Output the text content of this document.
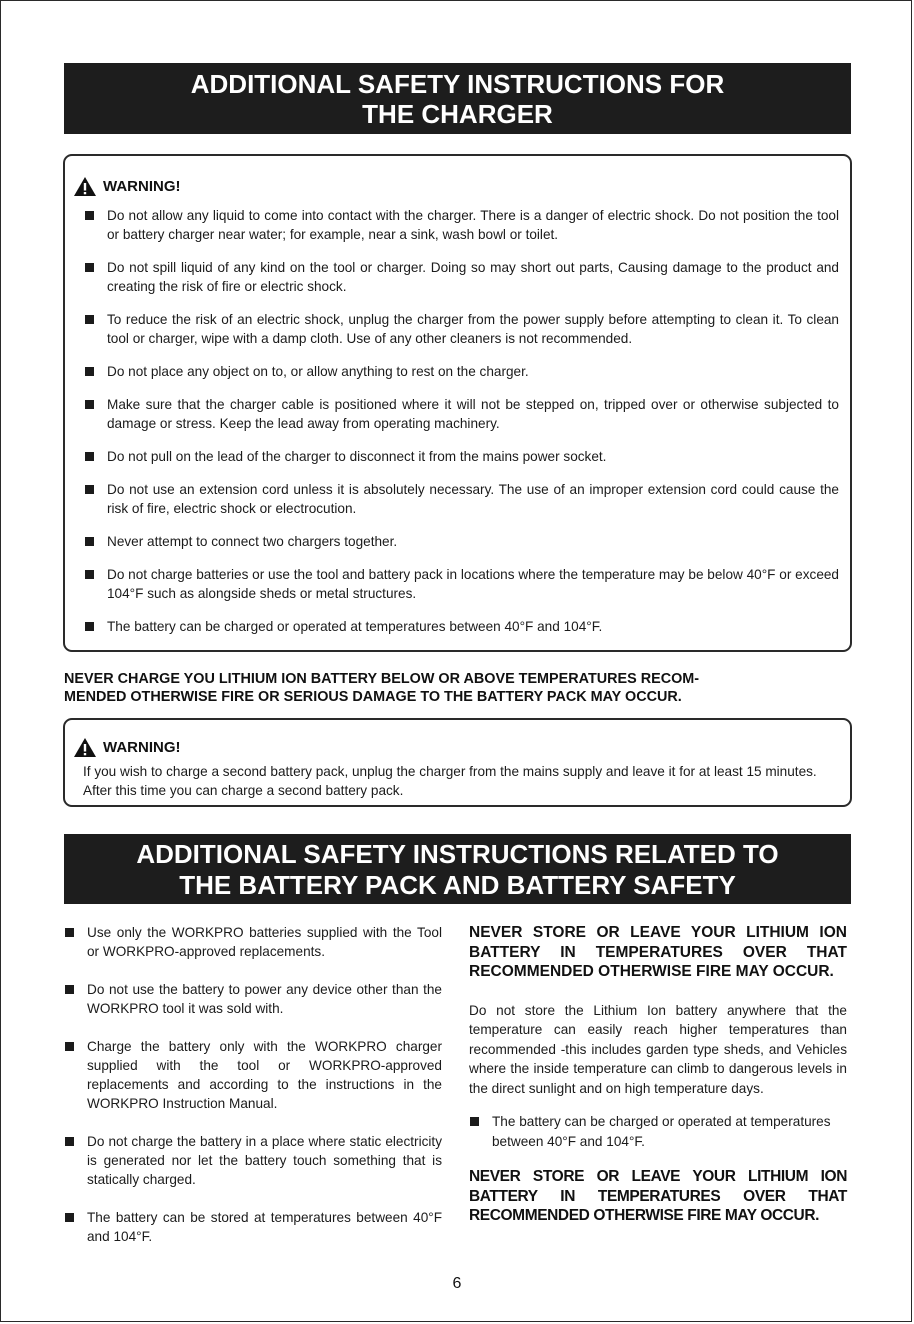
ADDITIONAL SAFETY INSTRUCTIONS FOR
THE CHARGER
WARNING!
Do not allow any liquid to come into contact with the charger. There is a danger of electric shock. Do not position the tool or battery charger near water; for example, near a sink, wash bowl or toilet.
Do not spill liquid of any kind on the tool or charger. Doing so may short out parts, Causing damage to the product and creating the risk of fire or electric shock.
To reduce the risk of an electric shock, unplug the charger from the power supply before attempting to clean it. To clean tool or charger, wipe with a damp cloth. Use of any other cleaners is not recommended.
Do not place any object on to, or allow anything to rest on the charger.
Make sure that the charger cable is positioned where it will not be stepped on, tripped over or otherwise subjected to damage or stress. Keep the lead away from operating machinery.
Do not pull on the lead of the charger to disconnect it from the mains power socket.
Do not use an extension cord unless it is absolutely necessary. The use of an improper extension cord could cause the risk of fire, electric shock or electrocution.
Never attempt to connect two chargers together.
Do not charge batteries or use the tool and battery pack in locations where the temperature may be below 40°F or exceed 104°F such as alongside sheds or metal structures.
The battery can be charged or operated at temperatures between 40°F and 104°F.
NEVER CHARGE YOU LITHIUM ION BATTERY BELOW OR ABOVE TEMPERATURES RECOM-
MENDED OTHERWISE FIRE OR SERIOUS DAMAGE TO THE BATTERY PACK MAY OCCUR.
WARNING!
If you wish to charge a second battery pack, unplug the charger from the mains supply and leave it for at least 15 minutes. After this time you can charge a second battery pack.
ADDITIONAL SAFETY INSTRUCTIONS RELATED TO
THE BATTERY PACK AND BATTERY SAFETY
Use only the WORKPRO batteries supplied with the Tool or WORKPRO-approved replacements.
Do not use the battery to power any device other than the WORKPRO tool it was sold with.
Charge the battery only with the WORKPRO charger supplied with the tool or WORKPRO-approved replacements and according to the instructions in the WORKPRO Instruction Manual.
Do not charge the battery in a place where static electricity is generated nor let the battery touch something that is statically charged.
The battery can be stored at temperatures between 40°F and 104°F.
NEVER STORE OR LEAVE YOUR LITHIUM ION BATTERY IN TEMPERATURES OVER THAT RECOMMENDED OTHERWISE FIRE MAY OCCUR.
Do not store the Lithium Ion battery anywhere that the temperature can easily reach higher temperatures than recommended -this includes garden type sheds, and Vehicles where the inside temperature can climb to dangerous levels in the direct sunlight and on high temperature days.
The battery can be charged or operated at temperatures between 40°F and 104°F.
NEVER STORE OR LEAVE YOUR LITHIUM ION BATTERY IN TEMPERATURES OVER THAT RECOMMENDED OTHERWISE FIRE MAY OCCUR.
6
